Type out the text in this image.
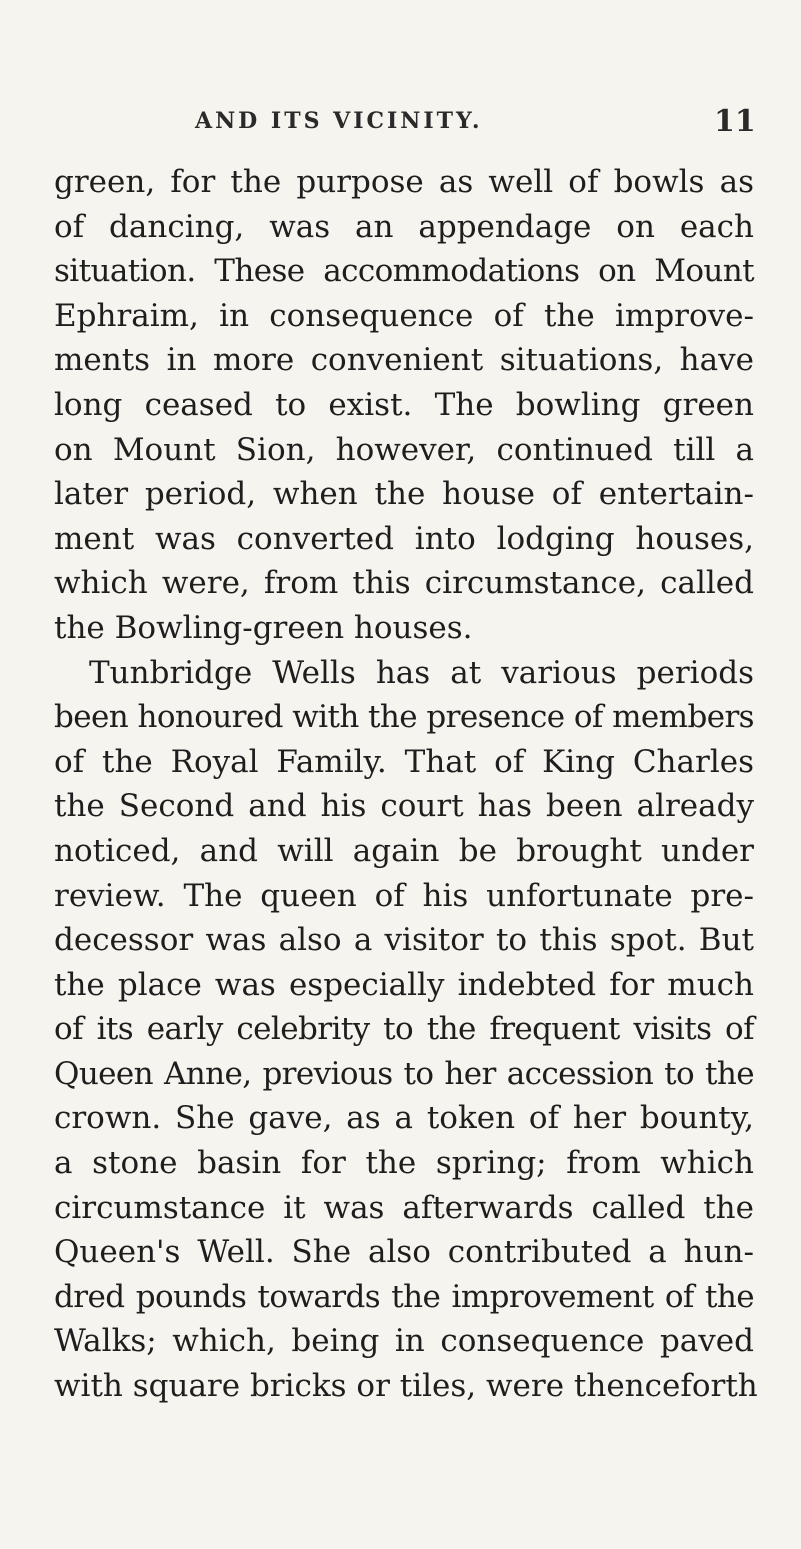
AND ITS VICINITY.	11
green, for the purpose as well of bowls as
of dancing, was an appendage on each
situation. These accommodations on Mount
Ephraim, in consequence of the improve-
ments in more convenient situations, have
long ceased to exist. The bowling green
on Mount Sion, however, continued till a
later period, when the house of entertain-
ment was converted into lodging houses,
which were, from this circumstance, called
the Bowling-green houses.
Tunbridge Wells has at various periods
been honoured with the presence of members
of the Royal Family. That of King Charles
the Second and his court has been already
noticed, and will again be brought under
review. The queen of his unfortunate pre-
decessor was also a visitor to this spot. But
the place was especially indebted for much
of its early celebrity to the frequent visits of
Queen Anne, previous to her accession to the
crown. She gave, as a token of her bounty,
a stone basin for the spring; from which
circumstance it was afterwards called the
Queen's Well. She also contributed a hun-
dred pounds towards the improvement of the
Walks; which, being in consequence paved
with square bricks or tiles, were thenceforth
